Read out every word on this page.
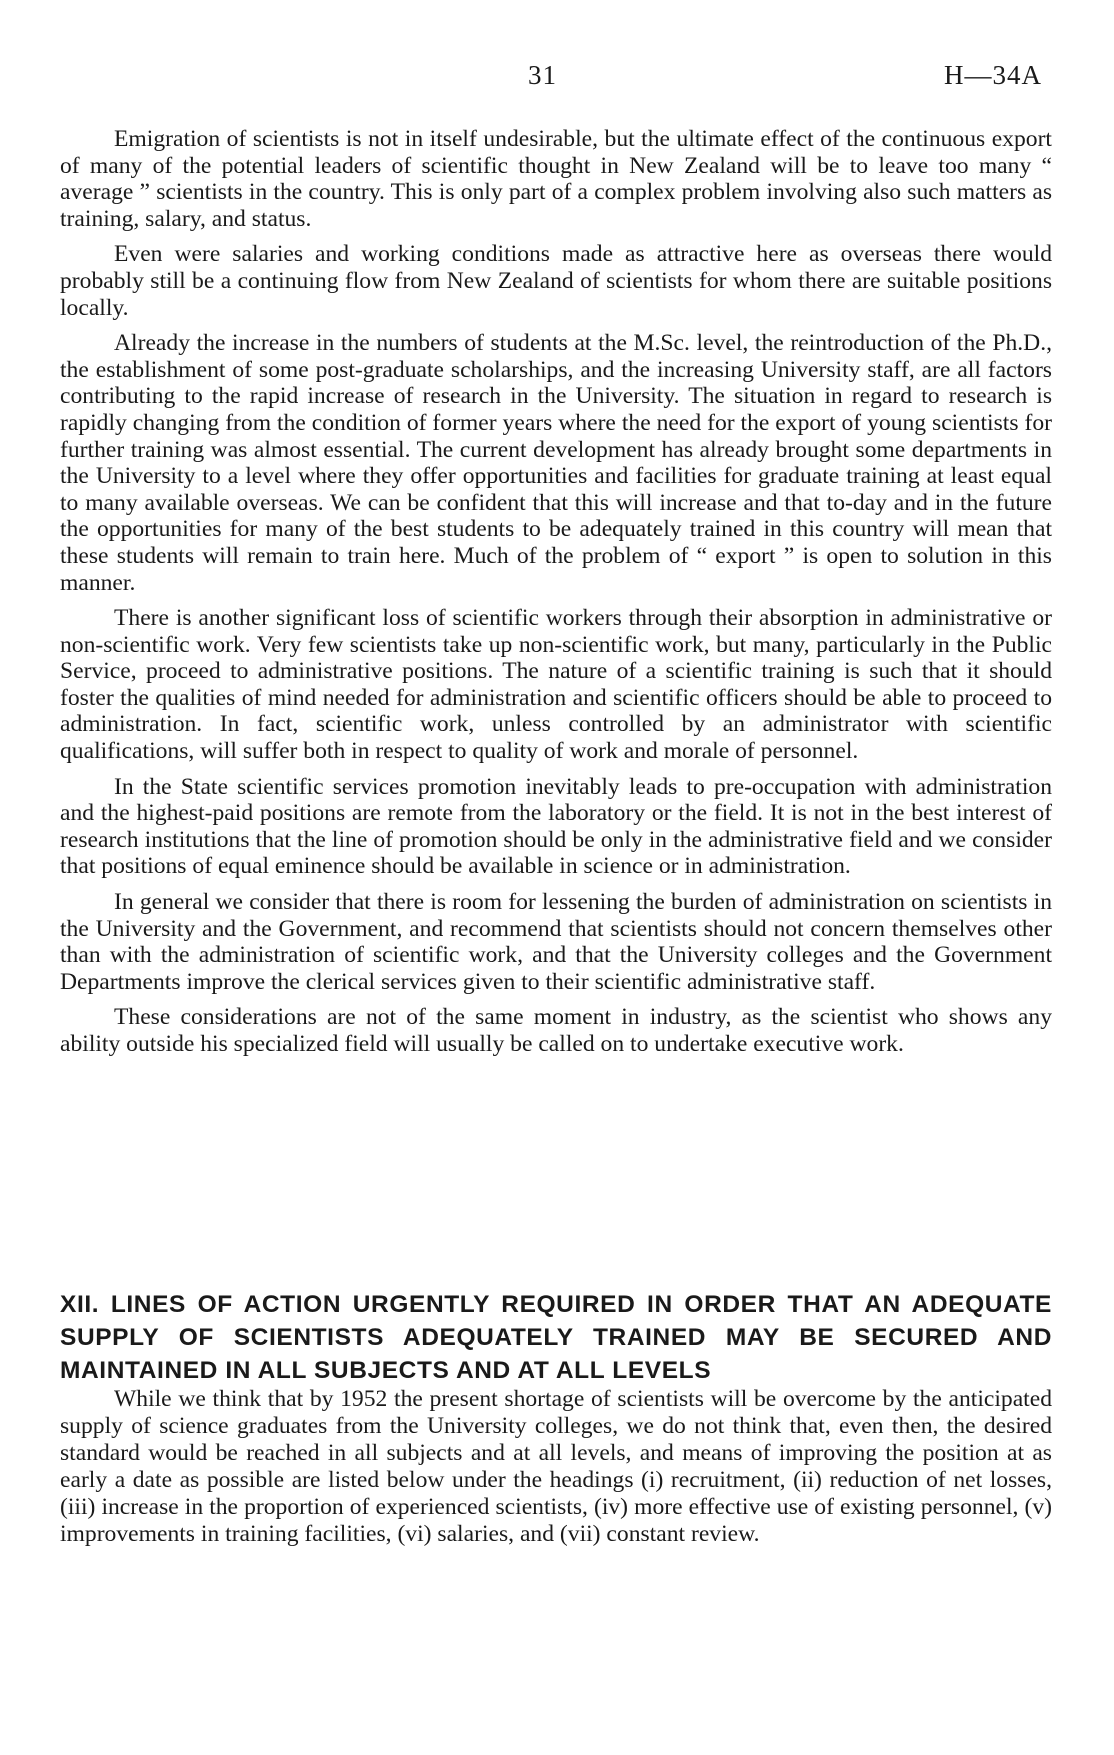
31	H—34A

Emigration of scientists is not in itself undesirable, but the ultimate effect of the continuous export of many of the potential leaders of scientific thought in New Zealand will be to leave too many “ average ” scientists in the country. This is only part of a complex problem involving also such matters as training, salary, and status.

Even were salaries and working conditions made as attractive here as overseas there would probably still be a continuing flow from New Zealand of scientists for whom there are suitable positions locally.

Already the increase in the numbers of students at the M.Sc. level, the reintroduction of the Ph.D., the establishment of some post-graduate scholarships, and the increasing University staff, are all factors contributing to the rapid increase of research in the University. The situation in regard to research is rapidly changing from the condition of former years where the need for the export of young scientists for further training was almost essential. The current development has already brought some departments in the University to a level where they offer opportunities and facilities for graduate training at least equal to many available overseas. We can be confident that this will increase and that to-day and in the future the opportunities for many of the best students to be adequately trained in this country will mean that these students will remain to train here. Much of the problem of “ export ” is open to solution in this manner.

There is another significant loss of scientific workers through their absorption in administrative or non-scientific work. Very few scientists take up non-scientific work, but many, particularly in the Public Service, proceed to administrative positions. The nature of a scientific training is such that it should foster the qualities of mind needed for administration and scientific officers should be able to proceed to administration. In fact, scientific work, unless controlled by an administrator with scientific qualifications, will suffer both in respect to quality of work and morale of personnel.

In the State scientific services promotion inevitably leads to pre-occupation with administration and the highest-paid positions are remote from the laboratory or the field. It is not in the best interest of research institutions that the line of promotion should be only in the administrative field and we consider that positions of equal eminence should be available in science or in administration.

In general we consider that there is room for lessening the burden of administration on scientists in the University and the Government, and recommend that scientists should not concern themselves other than with the administration of scientific work, and that the University colleges and the Government Departments improve the clerical services given to their scientific administrative staff.

These considerations are not of the same moment in industry, as the scientist who shows any ability outside his specialized field will usually be called on to undertake executive work.

XII. LINES OF ACTION URGENTLY REQUIRED IN ORDER THAT AN ADEQUATE SUPPLY OF SCIENTISTS ADEQUATELY TRAINED MAY BE SECURED AND MAINTAINED IN ALL SUBJECTS AND AT ALL LEVELS

While we think that by 1952 the present shortage of scientists will be overcome by the anticipated supply of science graduates from the University colleges, we do not think that, even then, the desired standard would be reached in all subjects and at all levels, and means of improving the position at as early a date as possible are listed below under the headings (i) recruitment, (ii) reduction of net losses, (iii) increase in the proportion of experienced scientists, (iv) more effective use of existing personnel, (v) improvements in training facilities, (vi) salaries, and (vii) constant review.
